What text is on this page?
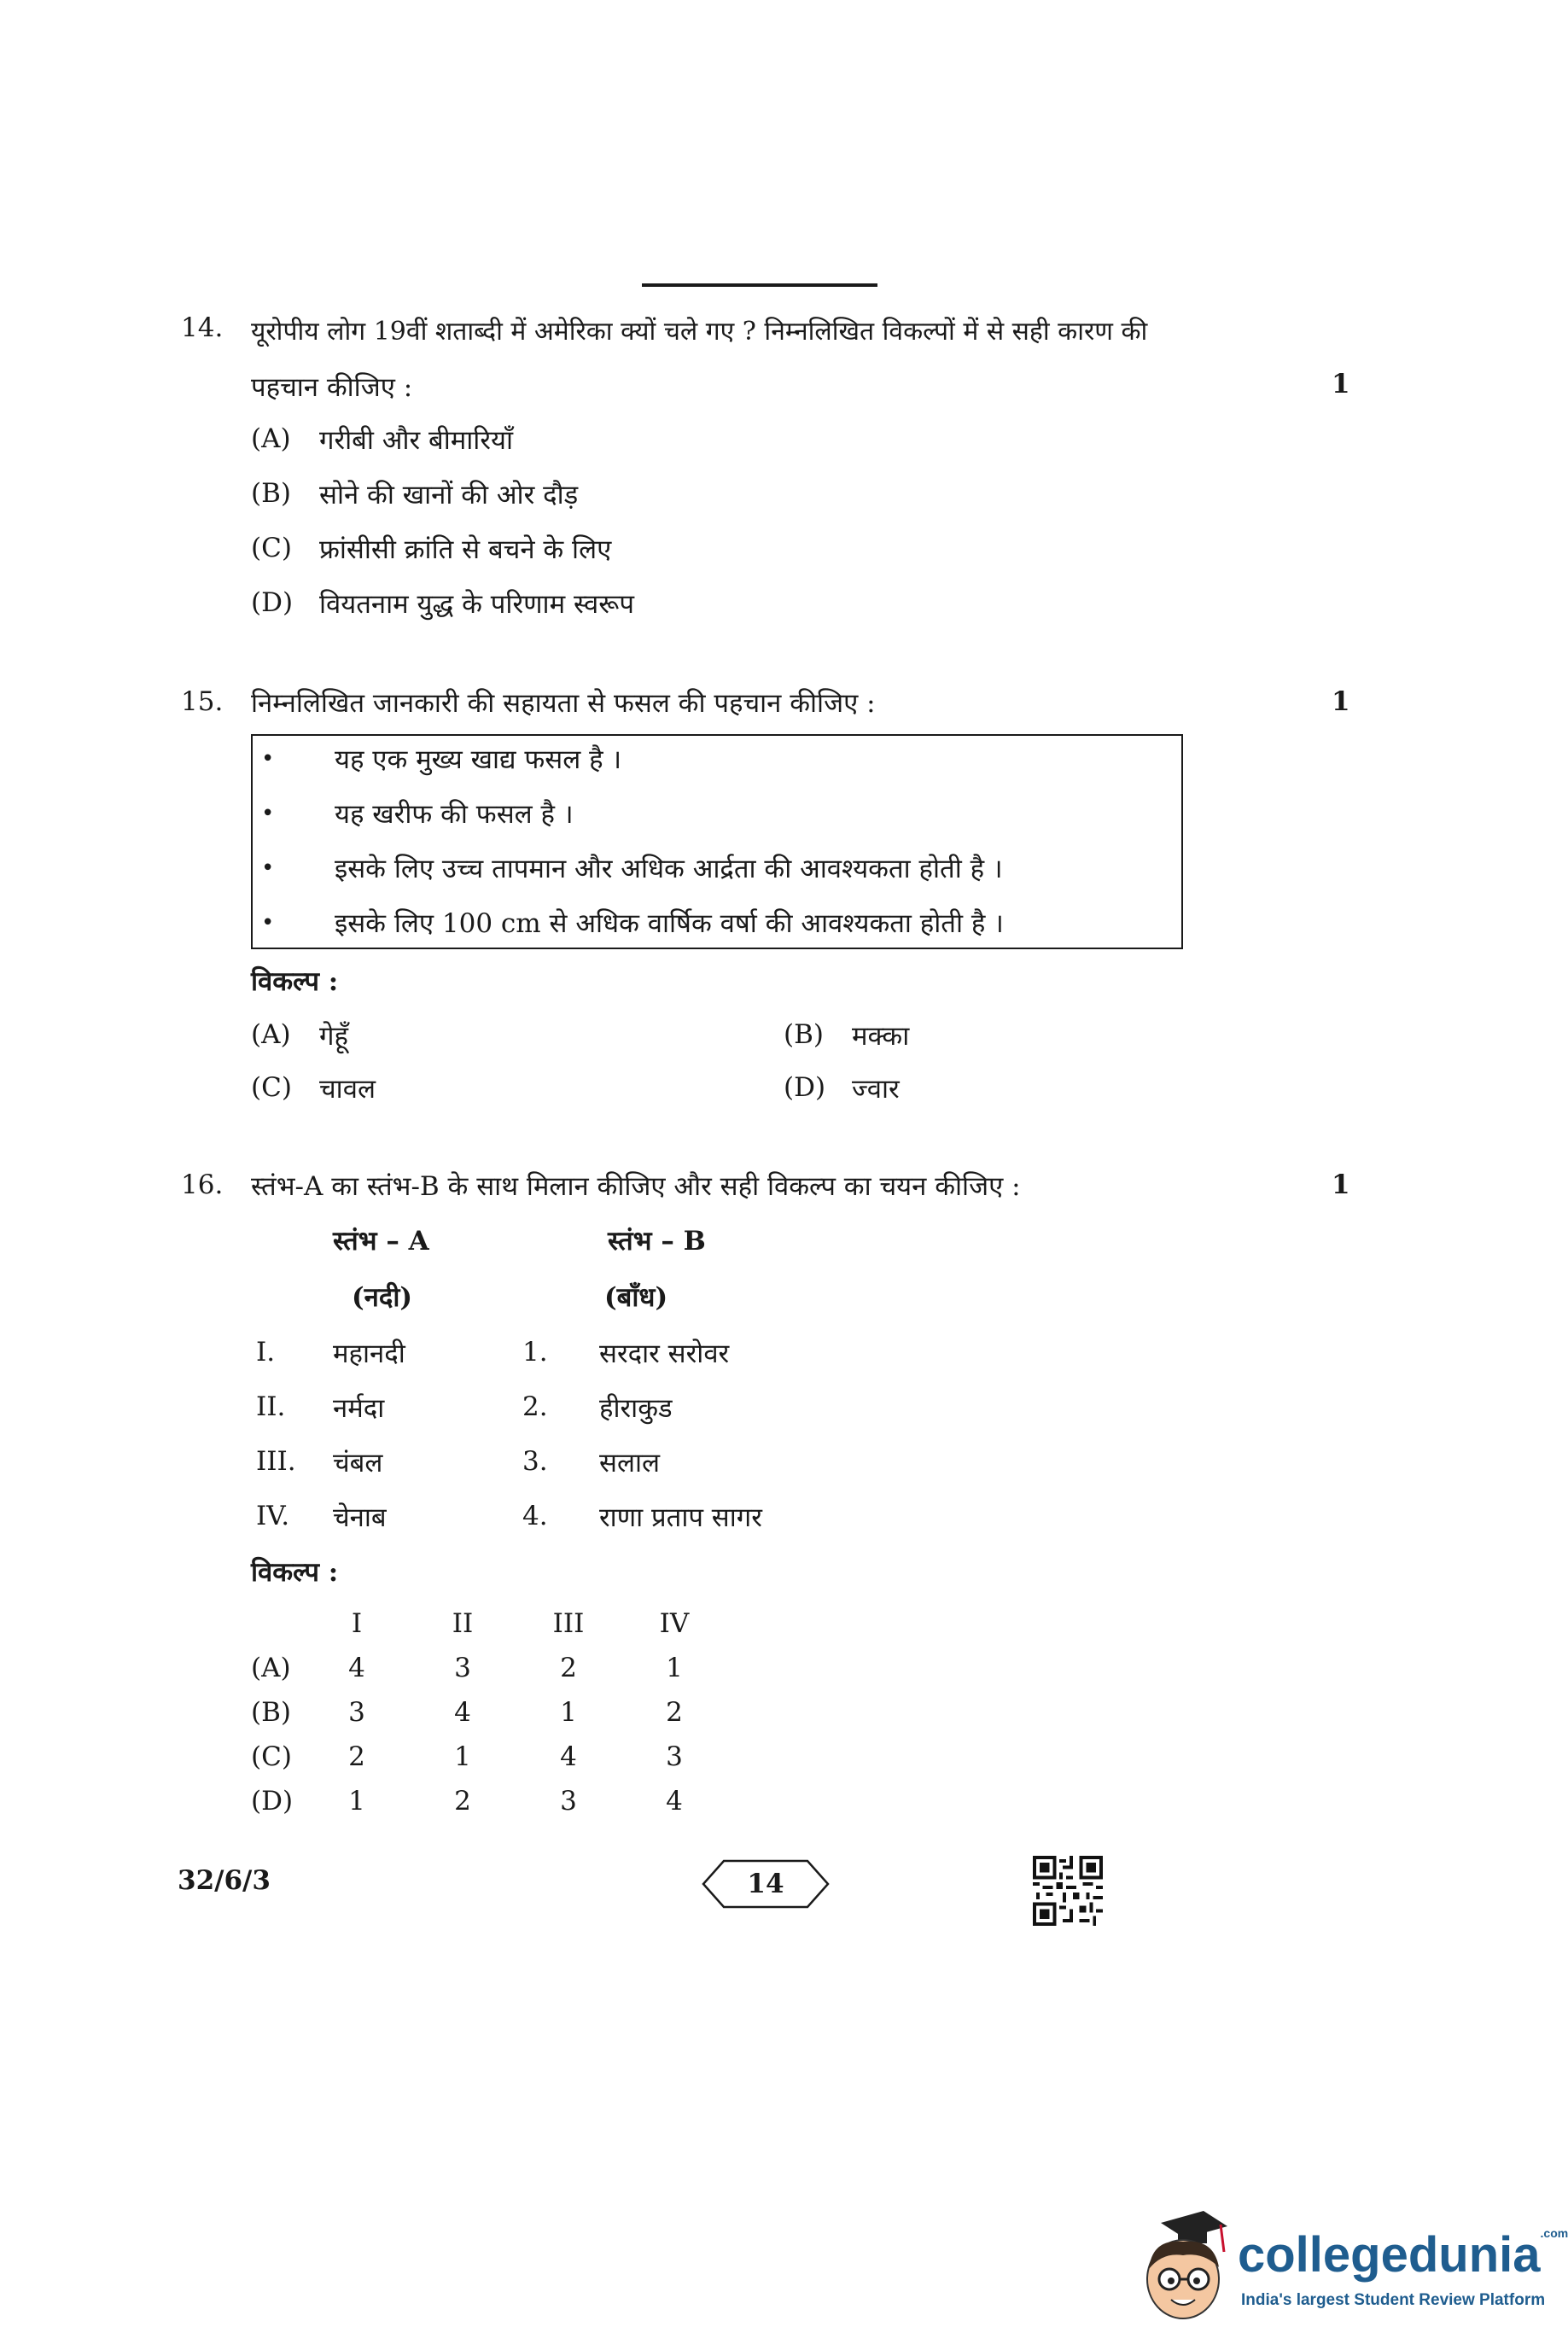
14. यूरोपीय लोग 19वीं शताब्दी में अमेरिका क्यों चले गए ? निम्नलिखित विकल्पों में से सही कारण की
पहचान कीजिए :	1
(A) गरीबी और बीमारियाँ
(B) सोने की खानों की ओर दौड़
(C) फ्रांसीसी क्रांति से बचने के लिए
(D) वियतनाम युद्ध के परिणाम स्वरूप
15. निम्नलिखित जानकारी की सहायता से फसल की पहचान कीजिए :	1
• यह एक मुख्य खाद्य फसल है ।
• यह खरीफ की फसल है ।
• इसके लिए उच्च तापमान और अधिक आर्द्रता की आवश्यकता होती है ।
• इसके लिए 100 cm से अधिक वार्षिक वर्षा की आवश्यकता होती है ।
विकल्प :
(A) गेहूँ	(B) मक्का
(C) चावल	(D) ज्वार
16. स्तंभ-A का स्तंभ-B के साथ मिलान कीजिए और सही विकल्प का चयन कीजिए :	1
स्तंभ – A	स्तंभ – B
(नदी)	(बाँध)
I. महानदी	1. सरदार सरोवर
II. नर्मदा	2. हीराकुड
III. चंबल	3. सलाल
IV. चेनाब	4. राणा प्रताप सागर
विकल्प :
I	II	III	IV
(A)	4	3	2	1
(B)	3	4	1	2
(C)	2	1	4	3
(D)	1	2	3	4
32/6/3	14
collegedunia$^{.com}$
India's largest Student Review Platform
